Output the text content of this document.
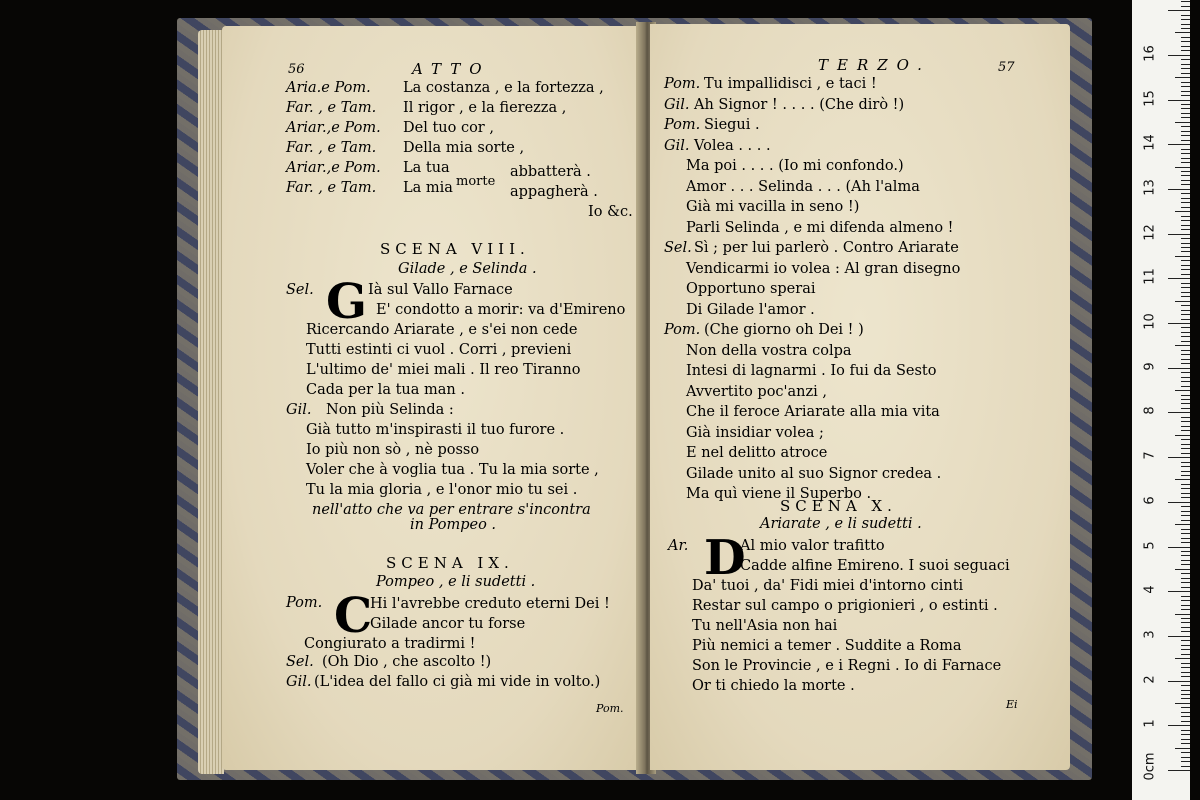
56	ATTO
Aria.e Pom. La costanza , e la fortezza ,
Far. , e Tam. Il rigor , e la fierezza ,
Ariar.,e Pom. Del tuo cor ,
Far. , e Tam. Della mia sorte ,
Ariar.,e Pom. La tua
Far. , e Tam. La mia morte
abbatterà .
appagherà .
Io &c.
SCENA VIII.
Gilade , e Selinda .
Sel. G Ià sul Vallo Farnace
E' condotto a morir: va d'Emireno
Ricercando Ariarate , e s'ei non cede
Tutti estinti ci vuol . Corri , previeni
L'ultimo de' miei mali . Il reo Tiranno
Cada per la tua man .
Gil. Non più Selinda :
Già tutto m'inspirasti il tuo furore .
Io più non sò , nè posso
Voler che à voglia tua . Tu la mia sorte ,
Tu la mia gloria , e l'onor mio tu sei .
nell'atto che va per entrare s'incontra
in Pompeo .
SCENA IX.
Pompeo , e li sudetti .
Pom. C
Hi l'avrebbe creduto eterni Dei !
Gilade ancor tu forse
Congiurato a tradirmi !
Sel. (Oh Dio , che ascolto !)
Gil. (L'idea del fallo ci già mi vide in volto.)
Pom.
TERZO.	57
Pom. Tu impallidisci , e taci !
Gil. Ah Signor ! . . . . (Che dirò !)
Pom. Siegui .
Gil. Volea . . . .
Ma poi . . . . (Io mi confondo.)
Amor . . . Selinda . . . (Ah l'alma
Già mi vacilla in seno !)
Parli Selinda , e mi difenda almeno !
Sel. Sì ; per lui parlerò . Contro Ariarate
Vendicarmi io volea : Al gran disegno
Opportuno sperai
Di Gilade l'amor .
Pom. (Che giorno oh Dei ! )
Non della vostra colpa
Intesi di lagnarmi . Io fui da Sesto
Avvertito poc'anzi ,
Che il feroce Ariarate alla mia vita
Già insidiar volea ;
E nel delitto atroce
Gilade unito al suo Signor credea .
Ma quì viene il Superbo .
SCENA X.
Ariarate , e li sudetti .
Ar. D
Al mio valor trafitto
Cadde alfine Emireno. I suoi seguaci
Da' tuoi , da' Fidi miei d'intorno cinti
Restar sul campo o prigionieri , o estinti .
Tu nell'Asia non hai
Più nemici a temer . Suddite a Roma
Son le Provincie , e i Regni . Io di Farnace
Or ti chiedo la morte .
Ei
16
15
14
13
12
11
10
9
8
7
6
5
4
3
2
1
0cm
